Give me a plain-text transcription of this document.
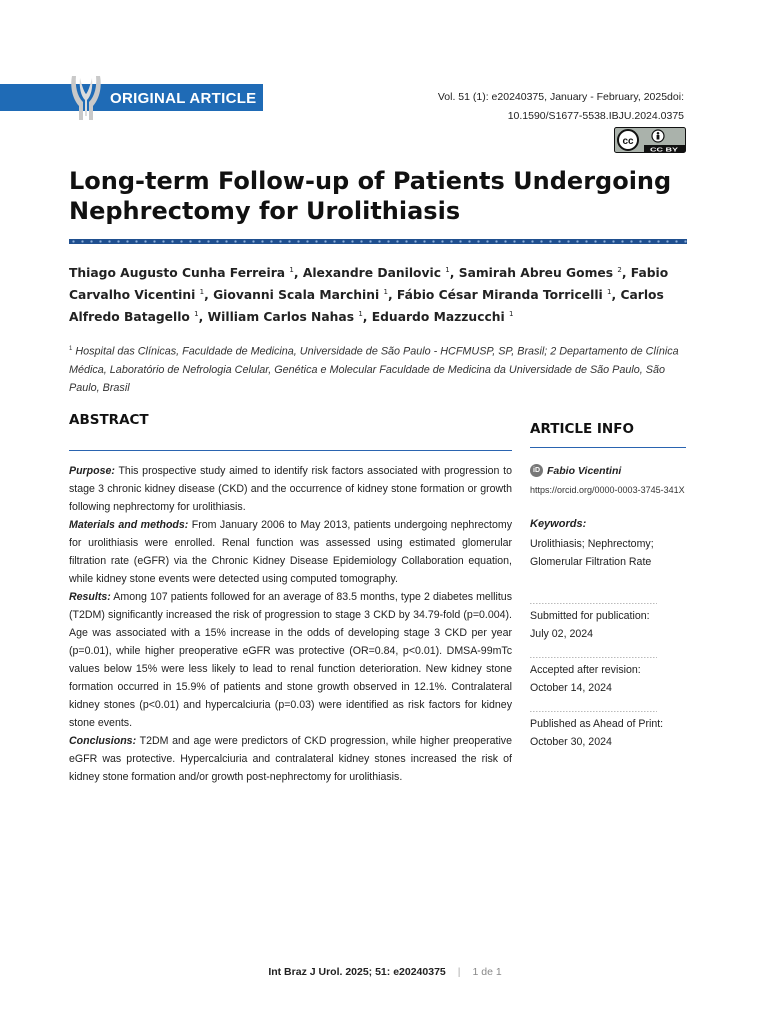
ORIGINAL ARTICLE	Vol. 51 (1): e20240375, January - February, 2025doi:
10.1590/S1677-5538.IBJU.2024.0375
cc
CC BY
Long-term Follow-up of Patients Undergoing
Nephrectomy for Urolithiasis
Thiago Augusto Cunha Ferreira $^1$, Alexandre Danilovic $^1$, Samirah Abreu Gomes $^2$, Fabio Carvalho Vicentini $^1$, Giovanni Scala Marchini $^1$, Fábio César Miranda Torricelli $^1$, Carlos Alfredo Batagello $^1$, William Carlos Nahas $^1$, Eduardo Mazzucchi $^1$
$^1$ Hospital das Clínicas, Faculdade de Medicina, Universidade de São Paulo - HCFMUSP, SP, Brasil; 2 Departamento de Clínica Médica, Laboratório de Nefrologia Celular, Genética e Molecular Faculdade de Medicina da Universidade de São Paulo, São Paulo, Brasil
ABSTRACT

Purpose: This prospective study aimed to identify risk factors associated with progression to stage 3 chronic kidney disease (CKD) and the occurrence of kidney stone formation or growth following nephrectomy for urolithiasis.

Materials and methods: From January 2006 to May 2013, patients undergoing nephrectomy for urolithiasis were enrolled. Renal function was assessed using estimated glomerular filtration rate (eGFR) via the Chronic Kidney Disease Epidemiology Collaboration equation, while kidney stone events were detected using computed tomography.

Results: Among 107 patients followed for an average of 83.5 months, type 2 diabetes mellitus (T2DM) significantly increased the risk of progression to stage 3 CKD by 34.79-fold (p=0.004). Age was associated with a 15% increase in the odds of developing stage 3 CKD per year (p=0.01), while higher preoperative eGFR was protective (OR=0.84, p<0.01). DMSA-99mTc values below 15% were less likely to lead to renal function deterioration. New kidney stone formation occurred in 15.9% of patients and stone growth observed in 12.1%. Contralateral kidney stones (p<0.01) and hypercalciuria (p=0.03) were identified as risk factors for kidney stone events.

Conclusions: T2DM and age were predictors of CKD progression, while higher preoperative eGFR was protective. Hypercalciuria and contralateral kidney stones increased the risk of kidney stone formation and/or growth post-nephrectomy for urolithiasis.

ARTICLE INFO
iD Fabio Vicentini
https://orcid.org/0000-0003-3745-341X
Keywords:
Urolithiasis; Nephrectomy; Glomerular Filtration Rate
Submitted for publication:
July 02, 2024
Accepted after revision:
October 14, 2024
Published as Ahead of Print:
October 30, 2024
Int Braz J Urol. 2025; 51: e20240375 | 1 de 1
